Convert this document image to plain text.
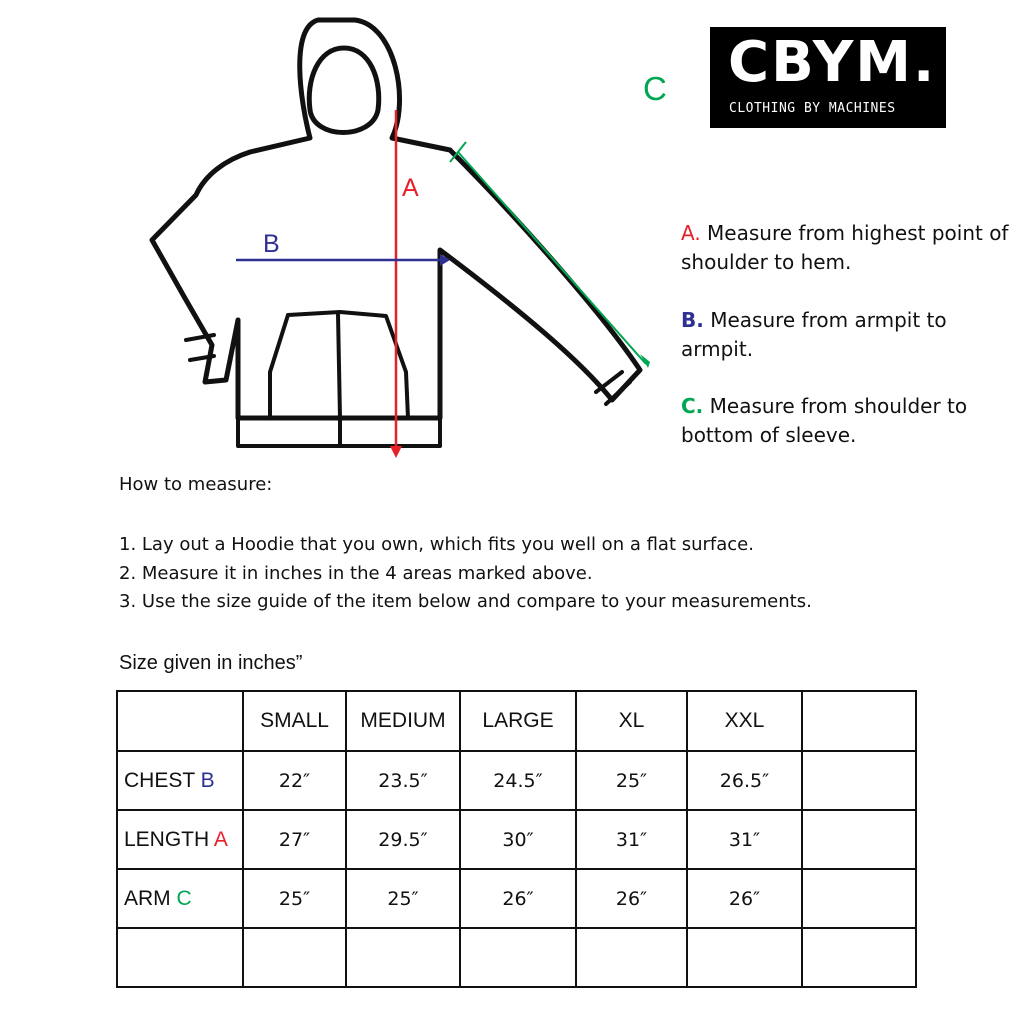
A
B
C CBYM.
CLOTHING BY MACHINES

A. Measure from highest point of shoulder to hem.

B. Measure from armpit to armpit.

C. Measure from shoulder to bottom of sleeve.

How to measure:
1. Lay out a Hoodie that you own, which fits you well on a flat surface.
2. Measure it in inches in the 4 areas marked above.
3. Use the size guide of the item below and compare to your measurements.
Size given in inches”
	SMALL	MEDIUM	LARGE	XL	XXL	
CHEST B	22″	23.5″	24.5″	25″	26.5″	
LENGTH A	27″	29.5″	30″	31″	31″	
ARM C	25″	25″	26″	26″	26″	
